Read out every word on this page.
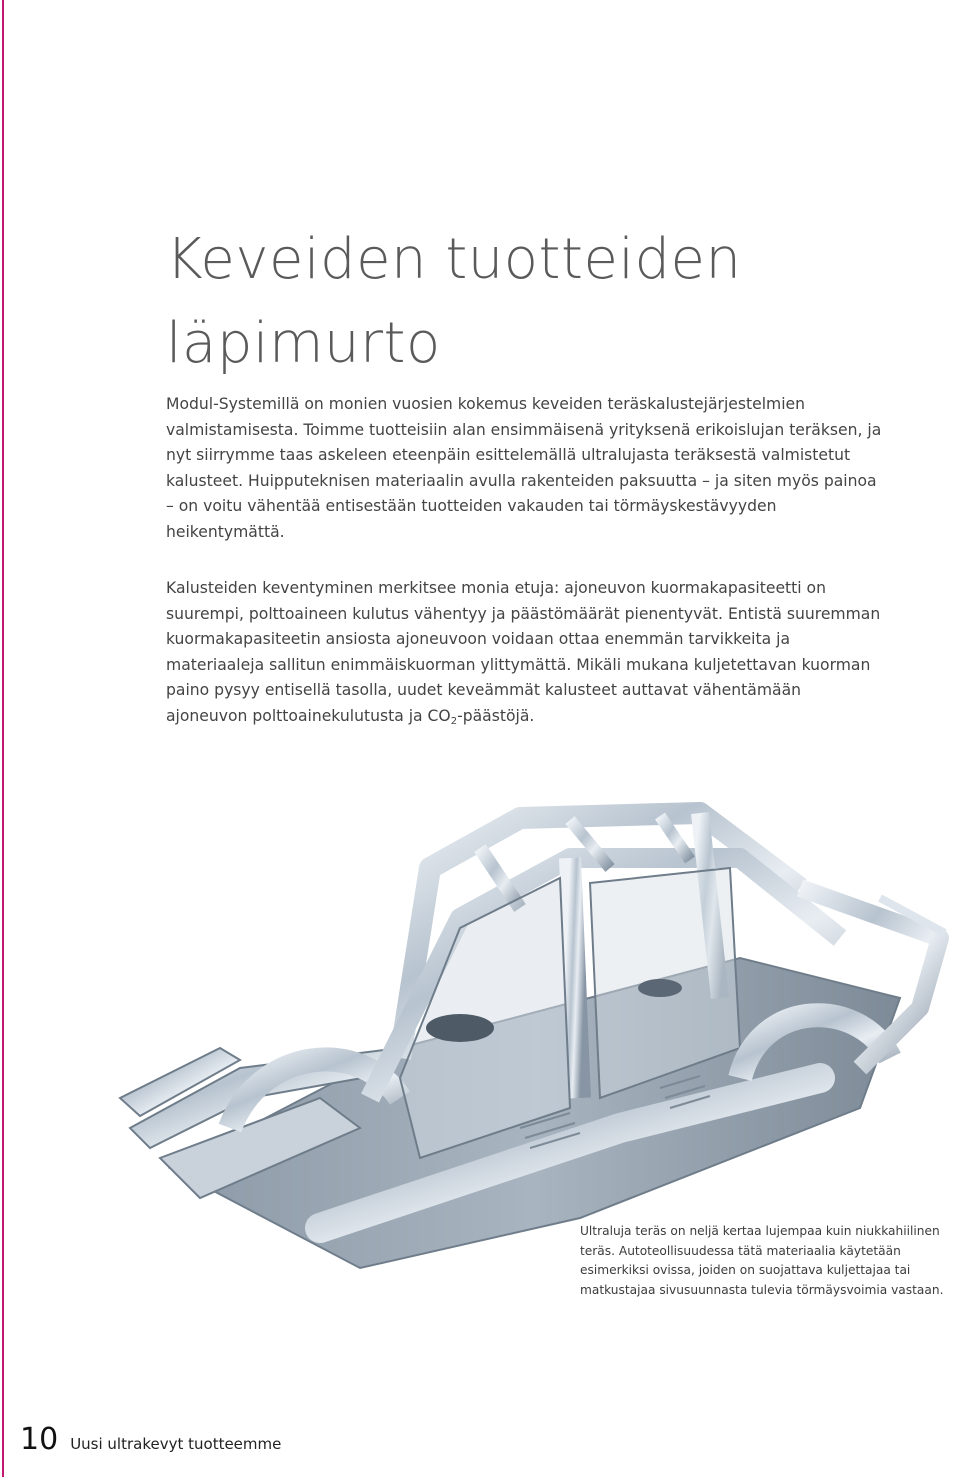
Keveiden tuotteiden
läpimurto

Modul-Systemillä on monien vuosien kokemus keveiden teräskalustejärjestelmien valmistamisesta. Toimme tuotteisiin alan ensimmäisenä yrityksenä erikoislujan teräksen, ja nyt siirrymme taas askeleen eteenpäin esittelemällä ultralujasta teräksestä valmistetut kalusteet. Huipputeknisen materiaalin avulla rakenteiden paksuutta – ja siten myös painoa – on voitu vähentää entisestään tuotteiden vakauden tai törmäyskestävyyden heikentymättä.

Kalusteiden keventyminen merkitsee monia etuja: ajoneuvon kuormakapasiteetti on suurempi, polttoaineen kulutus vähentyy ja päästömäärät pienentyvät. Entistä suuremman kuormakapasiteetin ansiosta ajoneuvoon voidaan ottaa enemmän tarvikkeita ja materiaaleja sallitun enimmäiskuorman ylittymättä. Mikäli mukana kuljetettavan kuorman paino pysyy entisellä tasolla, uudet keveämmät kalusteet auttavat vähentämään ajoneuvon polttoainekulutusta ja $CO_2$-päästöjä.

Ultraluja teräs on neljä kertaa lujempaa kuin niukkahiilinen teräs. Autoteollisuudessa tätä materiaalia käytetään esimerkiksi ovissa, joiden on suojattava kuljettajaa tai matkustajaa sivusuunnasta tulevia törmäysvoimia vastaan.

10 Uusi ultrakevyt tuotteemme
